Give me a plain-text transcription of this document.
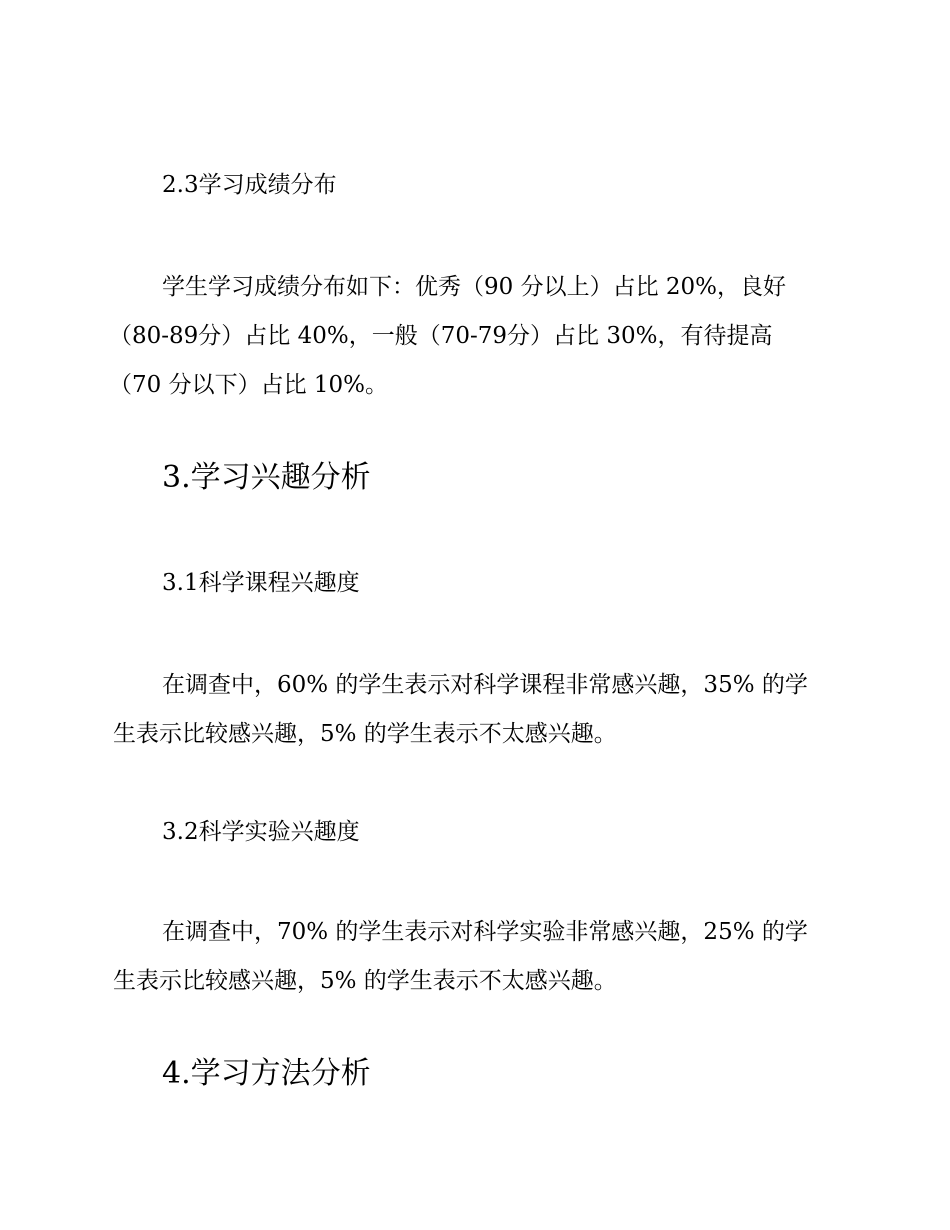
2.3学习成绩分布
学生学习成绩分布如下：优秀（90 分以上）占比 20%，良好
（80-89分）占比 40%，一般（70-79分）占比 30%，有待提高
（70 分以下）占比 10%。
3.学习兴趣分析
3.1科学课程兴趣度
在调查中，60% 的学生表示对科学课程非常感兴趣，35% 的学
生表示比较感兴趣，5% 的学生表示不太感兴趣。
3.2科学实验兴趣度
在调查中，70% 的学生表示对科学实验非常感兴趣，25% 的学
生表示比较感兴趣，5% 的学生表示不太感兴趣。
4.学习方法分析
